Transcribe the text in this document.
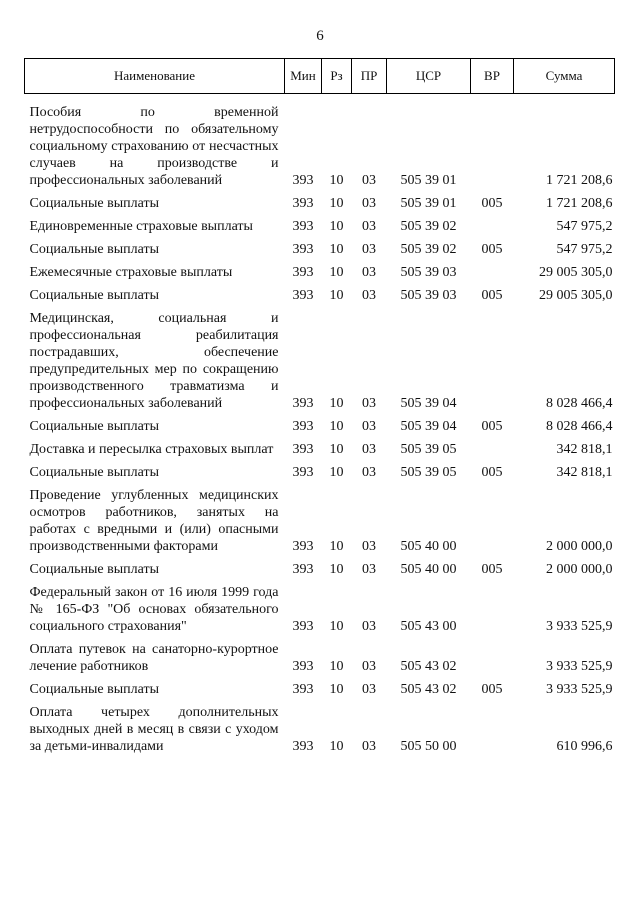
6
Наименование	Мин	Рз	ПР	ЦСР	ВР	Сумма
Пособия по временной нетрудоспособности по обязательному социальному страхованию от несчастных случаев на производстве и профессиональных заболеваний	393	10	03	505 39 01		1 721 208,6
Социальные выплаты	393	10	03	505 39 01	005	1 721 208,6
Единовременные страховые выплаты	393	10	03	505 39 02		547 975,2
Социальные выплаты	393	10	03	505 39 02	005	547 975,2
Ежемесячные страховые выплаты	393	10	03	505 39 03		29 005 305,0
Социальные выплаты	393	10	03	505 39 03	005	29 005 305,0
Медицинская, социальная и профессиональная реабилитация пострадавших, обеспечение предупредительных мер по сокращению производственного травматизма и профессиональных заболеваний	393	10	03	505 39 04		8 028 466,4
Социальные выплаты	393	10	03	505 39 04	005	8 028 466,4
Доставка и пересылка страховых выплат	393	10	03	505 39 05		342 818,1
Социальные выплаты	393	10	03	505 39 05	005	342 818,1
Проведение углубленных медицинских осмотров работников, занятых на работах с вредными и (или) опасными производственными факторами	393	10	03	505 40 00		2 000 000,0
Социальные выплаты	393	10	03	505 40 00	005	2 000 000,0
Федеральный закон от 16 июля 1999 года № 165-ФЗ "Об основах обязательного социального страхования"	393	10	03	505 43 00		3 933 525,9
Оплата путевок на санаторно-курортное лечение работников	393	10	03	505 43 02		3 933 525,9
Социальные выплаты	393	10	03	505 43 02	005	3 933 525,9
Оплата четырех дополнительных выходных дней в месяц в связи с уходом за детьми-инвалидами	393	10	03	505 50 00		610 996,6
